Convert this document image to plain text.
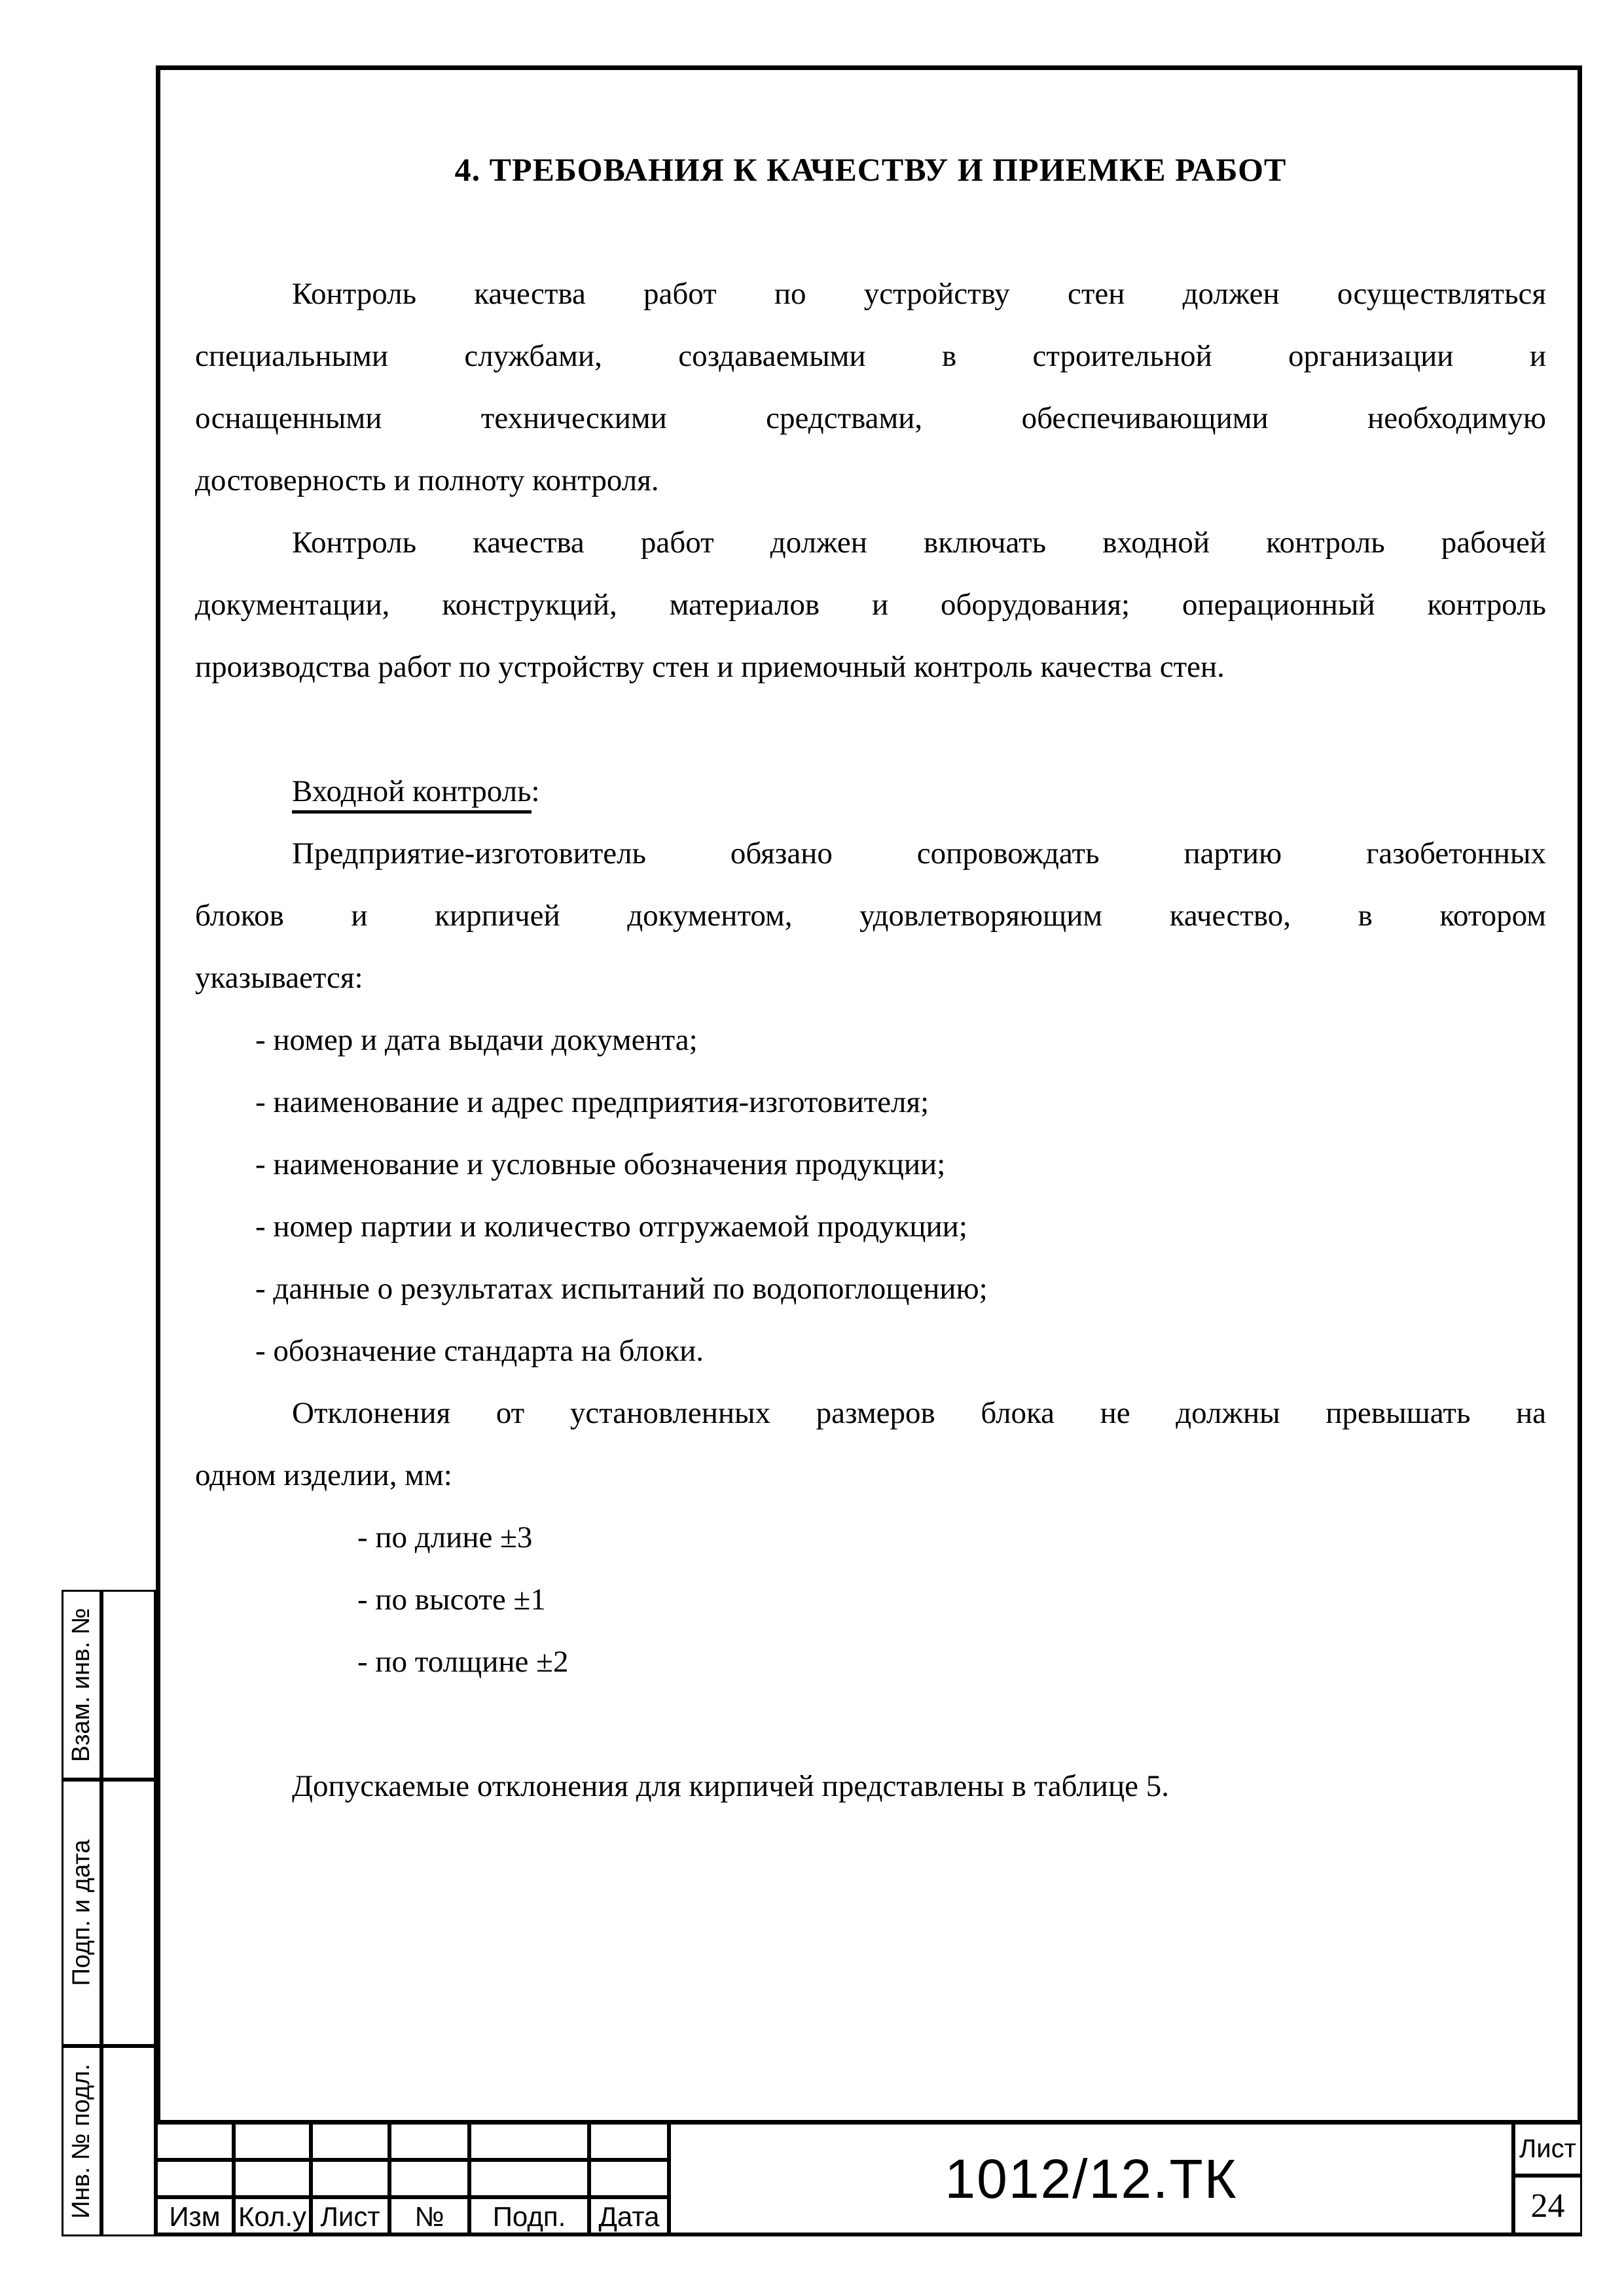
4. ТРЕБОВАНИЯ К КАЧЕСТВУ И ПРИЕМКЕ РАБОТ
Контроль качества работ по устройству стен должен осуществляться
специальными службами, создаваемыми в строительной организации и
оснащенными техническими средствами, обеспечивающими необходимую
достоверность и полноту контроля.
Контроль качества работ должен включать входной контроль рабочей
документации, конструкций, материалов и оборудования; операционный контроль
производства работ по устройству стен и приемочный контроль качества стен.
Входной контроль:
Предприятие-изготовитель обязано сопровождать партию газобетонных
блоков и кирпичей документом, удовлетворяющим качество, в котором
указывается:
- номер и дата выдачи документа;
- наименование и адрес предприятия-изготовителя;
- наименование и условные обозначения продукции;
- номер партии и количество отгружаемой продукции;
- данные о результатах испытаний по водопоглощению;
- обозначение стандарта на блоки.
Отклонения от установленных размеров блока не должны превышать на
одном изделии, мм:
- по длине ±3
- по высоте ±1
- по толщине ±2
Допускаемые отклонения для кирпичей представлены в таблице 5.
Взам. инв. №
Подп. и дата
Инв. № подл.	Изм Кол.у Лист	№	Подп.	Дата
1012/12.ТК	Лист
24
